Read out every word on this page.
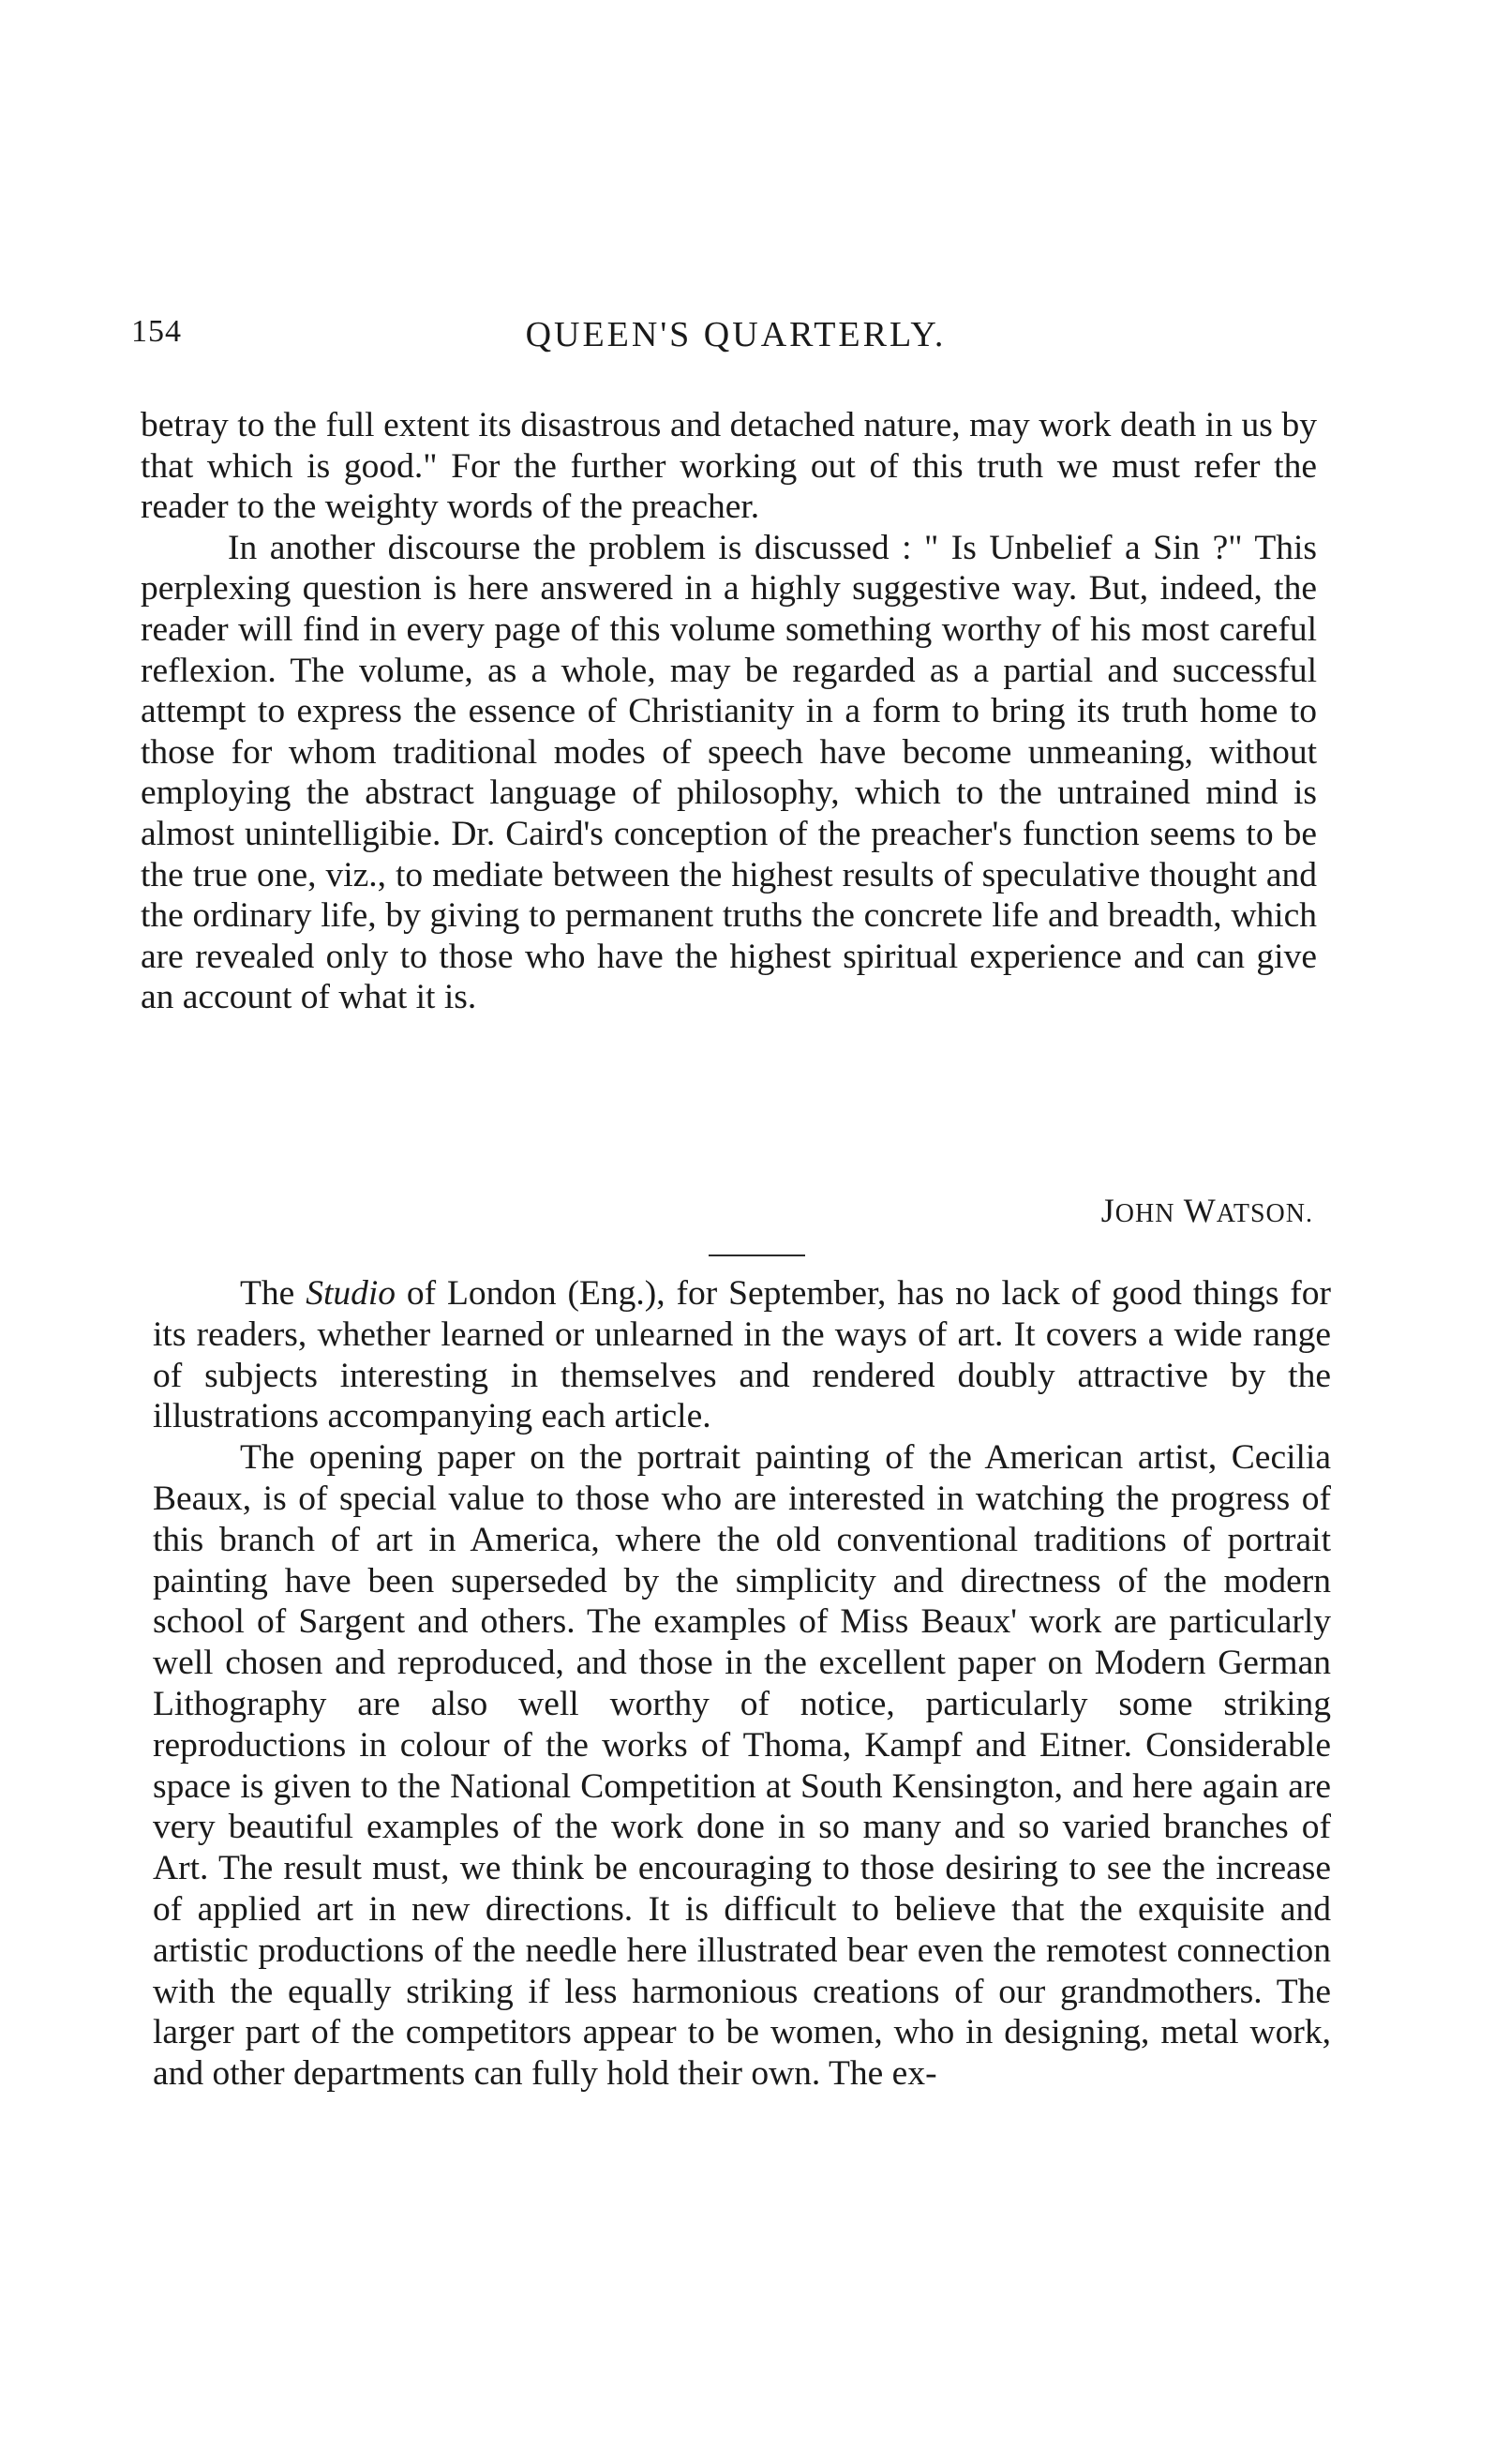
154	QUEEN'S QUARTERLY.

betray to the full extent its disastrous and detached nature, may work death in us by that which is good." For the further working out of this truth we must refer the reader to the weighty words of the preacher.

In another discourse the problem is discussed : " Is Unbelief a Sin ?" This perplexing question is here answered in a highly suggestive way. But, indeed, the reader will find in every page of this volume something worthy of his most careful reflexion. The volume, as a whole, may be regarded as a partial and successful attempt to express the essence of Christianity in a form to bring its truth home to those for whom traditional modes of speech have become unmeaning, without employing the abstract language of philosophy, which to the untrained mind is almost unintelligibie. Dr. Caird's conception of the preacher's function seems to be the true one, viz., to mediate between the highest results of speculative thought and the ordinary life, by giving to permanent truths the concrete life and breadth, which are revealed only to those who have the highest spiritual experience and can give an account of what it is.

JOHN WATSON.

The Studio of London (Eng.), for September, has no lack of good things for its readers, whether learned or unlearned in the ways of art. It covers a wide range of subjects interesting in themselves and rendered doubly attractive by the illustrations accompanying each article.

The opening paper on the portrait painting of the American artist, Cecilia Beaux, is of special value to those who are interested in watching the progress of this branch of art in America, where the old conventional traditions of portrait painting have been superseded by the simplicity and directness of the modern school of Sargent and others. The examples of Miss Beaux' work are particularly well chosen and reproduced, and those in the excellent paper on Modern German Lithography are also well worthy of notice, particularly some striking reproductions in colour of the works of Thoma, Kampf and Eitner. Considerable space is given to the National Competition at South Kensington, and here again are very beautiful examples of the work done in so many and so varied branches of Art. The result must, we think be encouraging to those desiring to see the increase of applied art in new directions. It is difficult to believe that the exquisite and artistic productions of the needle here illustrated bear even the remotest connection with the equally striking if less harmonious creations of our grandmothers. The larger part of the competitors appear to be women, who in designing, metal work, and other departments can fully hold their own. The ex-
